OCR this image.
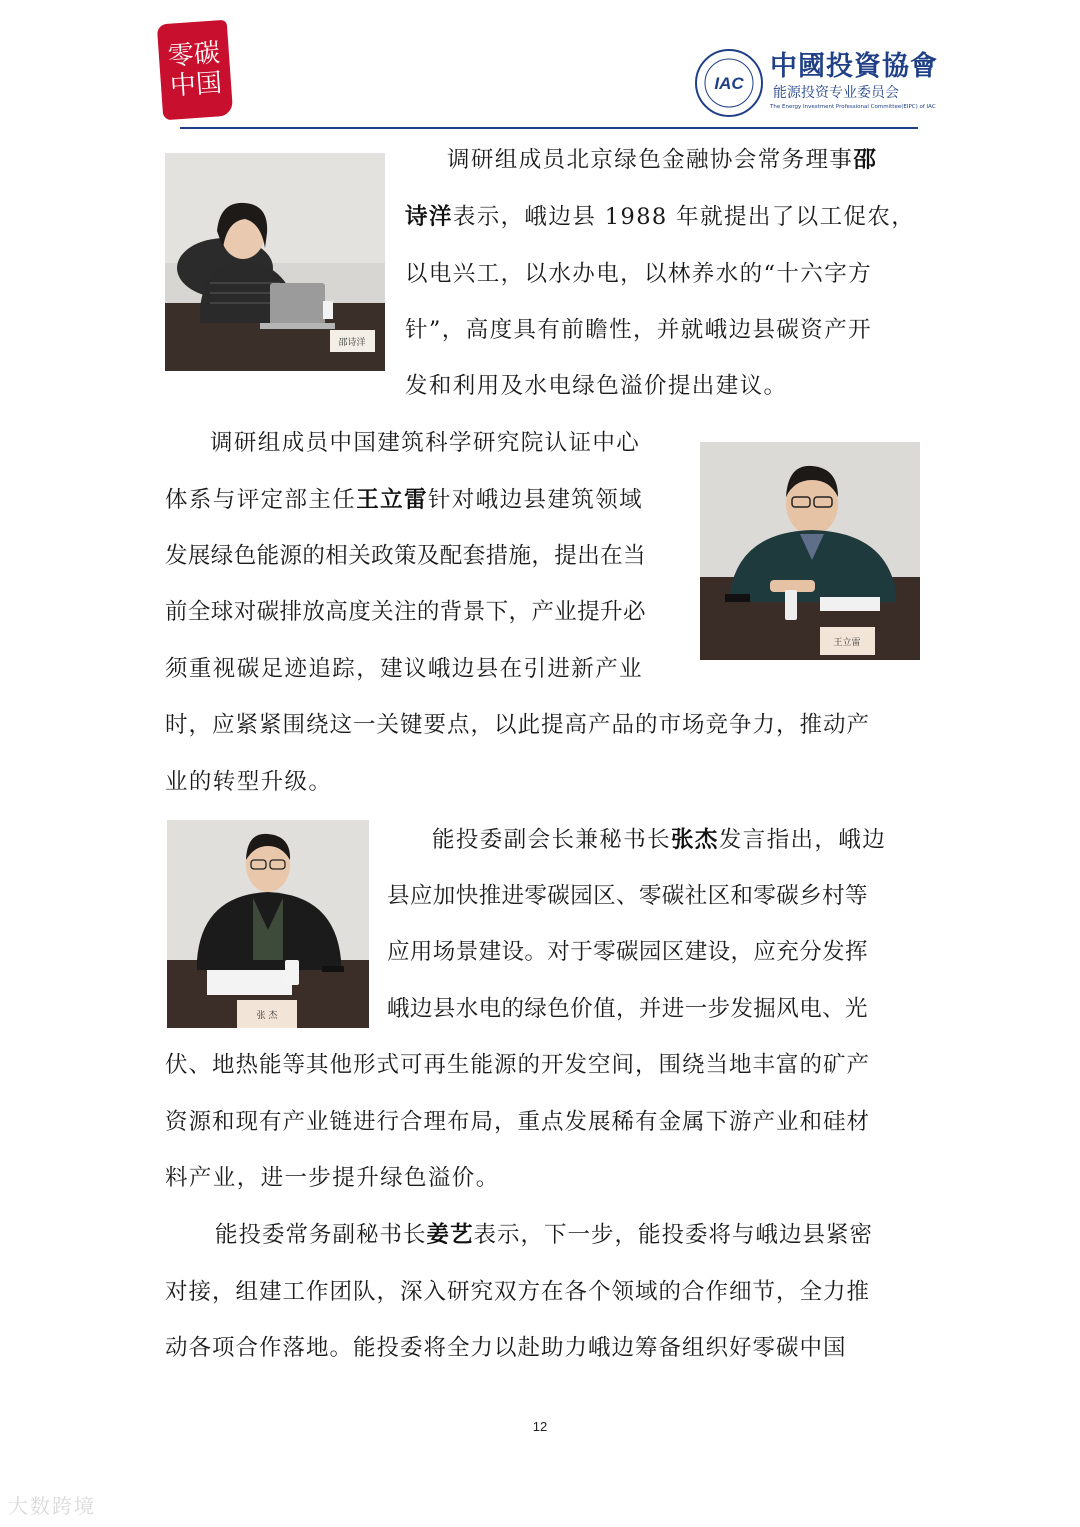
零碳
中国	IAC
中國投資協會
能源投资专业委员会
The Energy Investment Professional Committee(EIPC) of IAC
邵诗洋
调研组成员北京绿色金融协会常务理事邵
诗洋表示，峨边县 1988 年就提出了以工促农，
以电兴工，以水办电，以林养水的“十六字方
针”，高度具有前瞻性，并就峨边县碳资产开
发和利用及水电绿色溢价提出建议。
调研组成员中国建筑科学研究院认证中心
体系与评定部主任王立雷针对峨边县建筑领域
发展绿色能源的相关政策及配套措施，提出在当
前全球对碳排放高度关注的背景下，产业提升必
须重视碳足迹追踪，建议峨边县在引进新产业
时，应紧紧围绕这一关键要点，以此提高产品的市场竞争力，推动产
业的转型升级。
王立雷
张 杰
能投委副会长兼秘书长张杰发言指出，峨边
县应加快推进零碳园区、零碳社区和零碳乡村等
应用场景建设。对于零碳园区建设，应充分发挥
峨边县水电的绿色价值，并进一步发掘风电、光
伏、地热能等其他形式可再生能源的开发空间，围绕当地丰富的矿产
资源和现有产业链进行合理布局，重点发展稀有金属下游产业和硅材
料产业，进一步提升绿色溢价。
能投委常务副秘书长姜艺表示，下一步，能投委将与峨边县紧密
对接，组建工作团队，深入研究双方在各个领域的合作细节，全力推
动各项合作落地。能投委将全力以赴助力峨边筹备组织好零碳中国
12
大数跨境
